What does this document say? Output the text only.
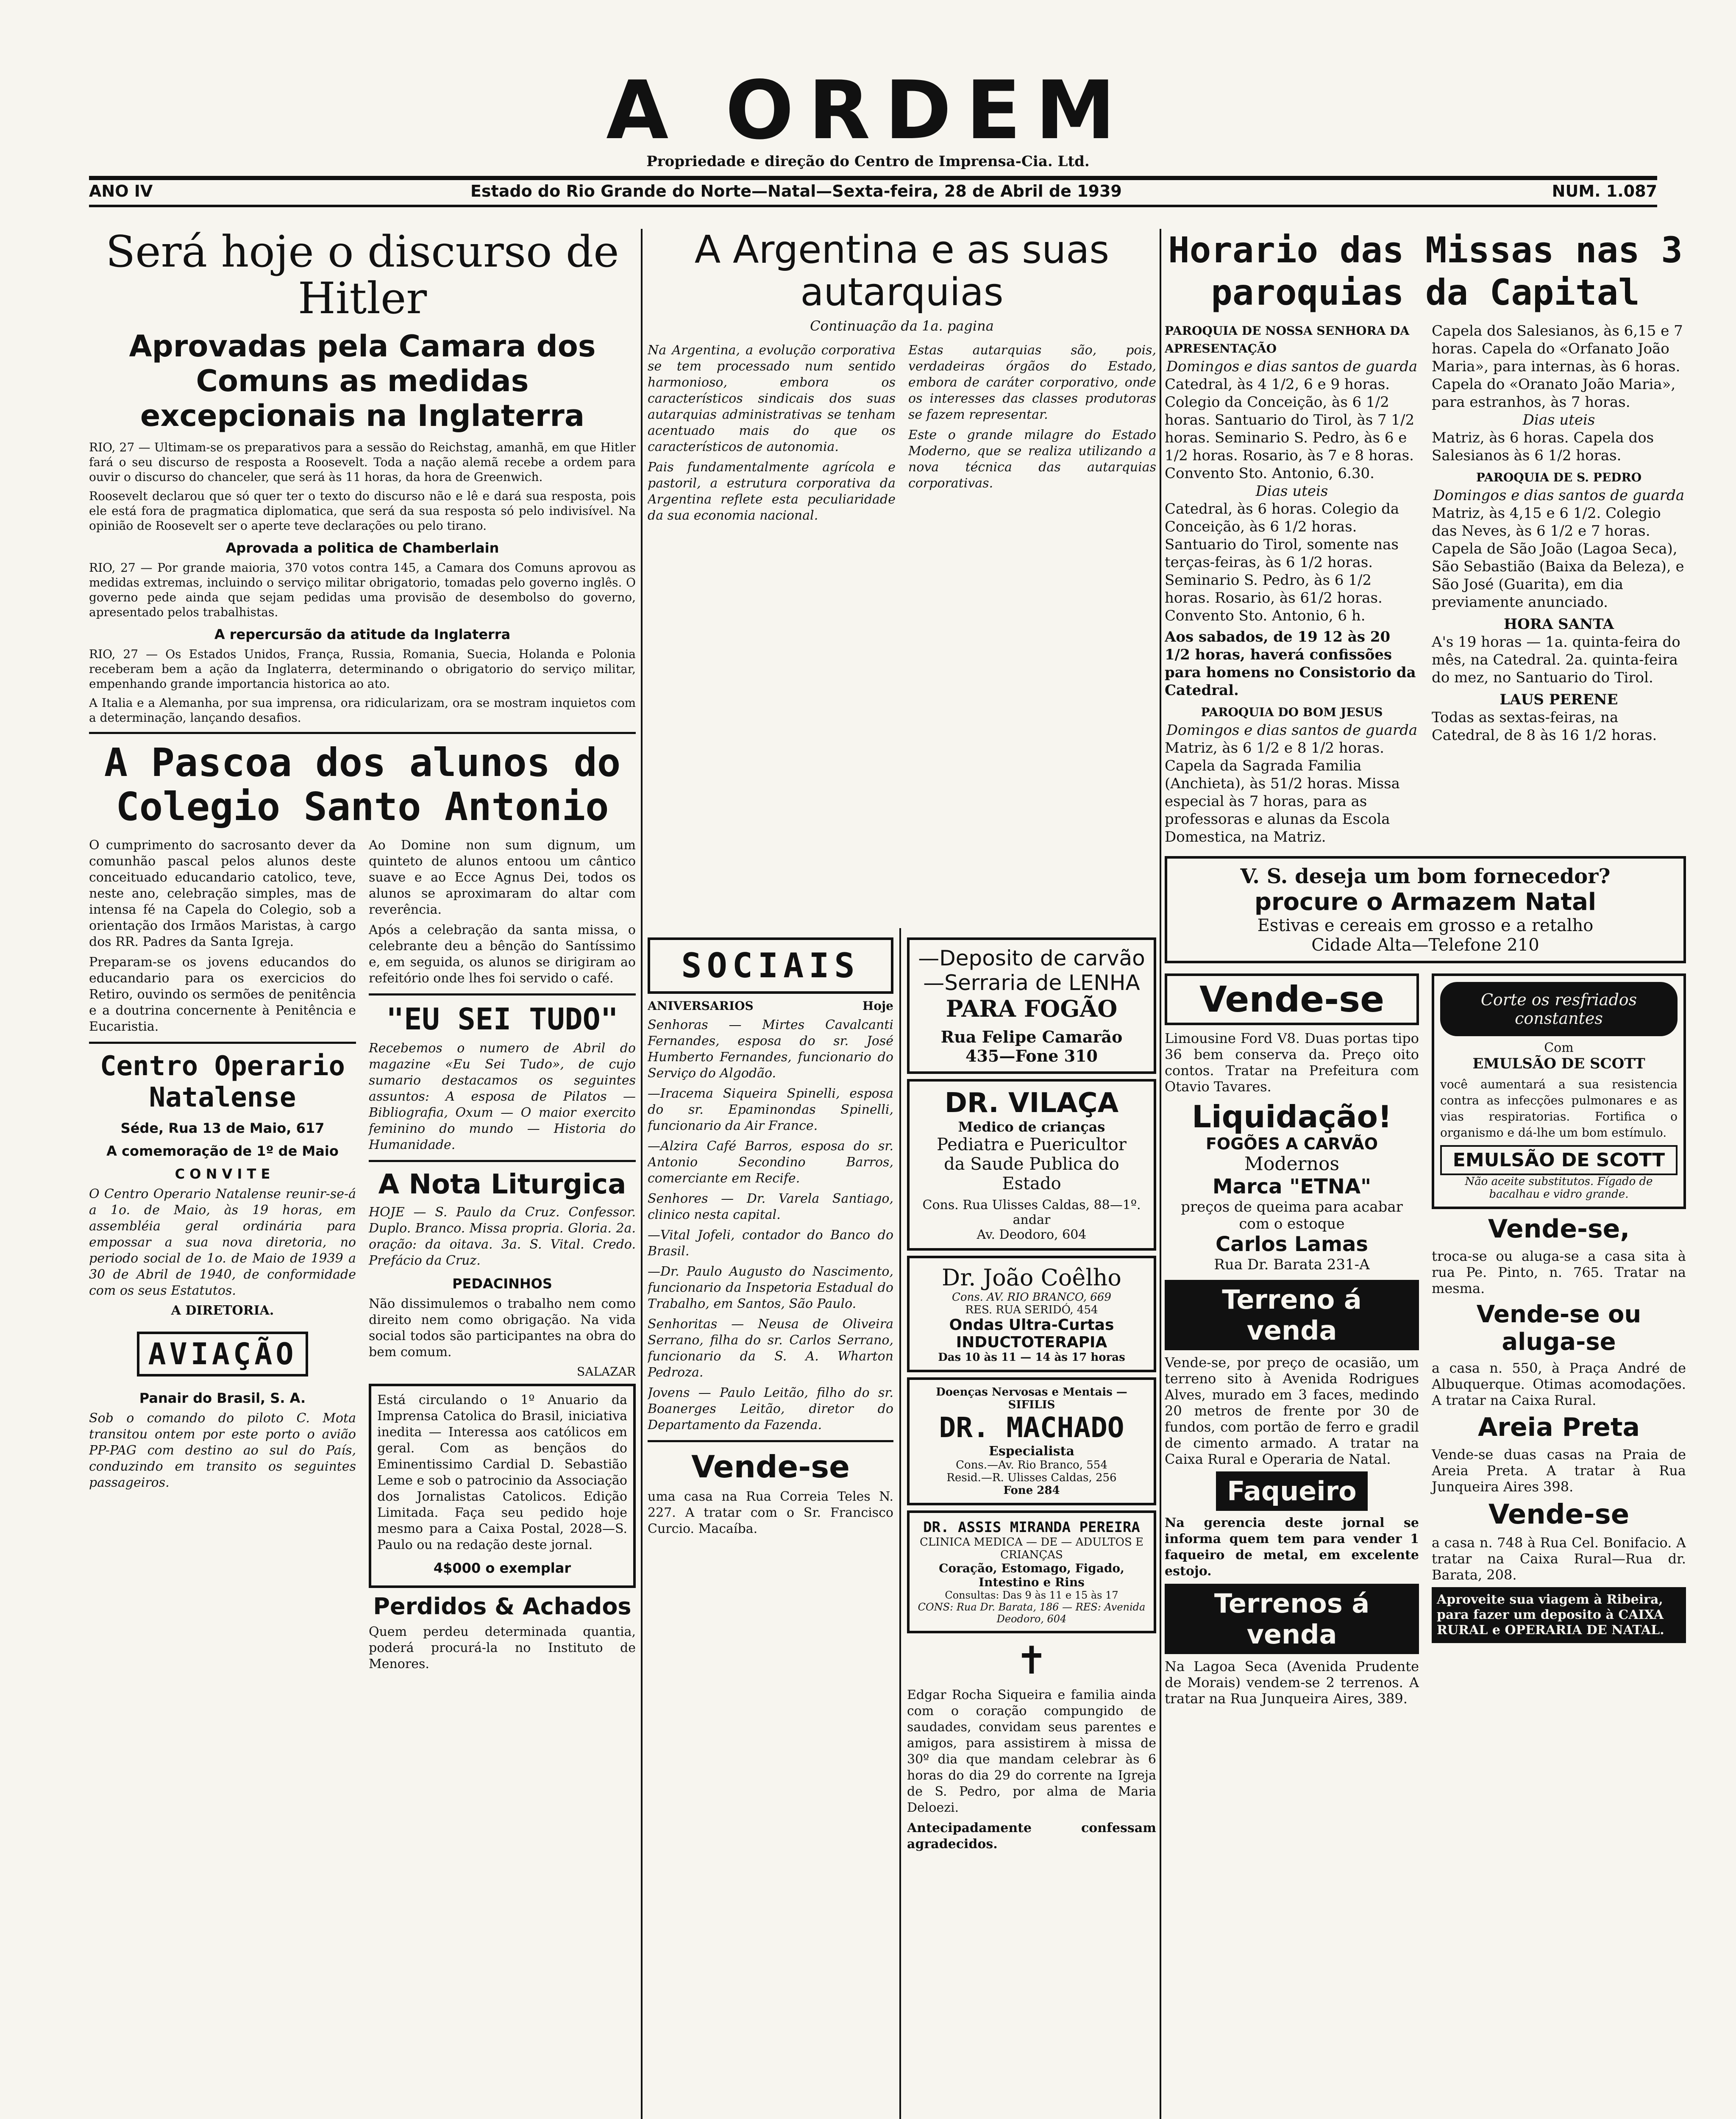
A ORDEM
Propriedade e direção do Centro de Imprensa-Cia. Ltd.
ANO IV	Estado do Rio Grande do Norte—Natal—Sexta-feira, 28 de Abril de 1939	NUM. 1.087
Será hoje o discurso de Hitler
Aprovadas pela Camara dos Comuns as medidas excepcionais na Inglaterra

RIO, 27 — Ultimam-se os preparativos para a sessão do Reichstag, amanhã, em que Hitler fará o seu discurso de resposta a Roosevelt. Toda a nação alemã recebe a ordem para ouvir o discurso do chanceler, que será às 11 horas, da hora de Greenwich.

Roosevelt declarou que só quer ter o texto do discurso não e lê e dará sua resposta, pois ele está fora de pragmatica diplomatica, que será da sua resposta só pelo indivisível. Na opinião de Roosevelt ser o aperte teve declarações ou pelo tirano.

Aprovada a politica de Chamberlain

RIO, 27 — Por grande maioria, 370 votos contra 145, a Camara dos Comuns aprovou as medidas extremas, incluindo o serviço militar obrigatorio, tomadas pelo governo inglês. O governo pede ainda que sejam pedidas uma provisão de desembolso do governo, apresentado pelos trabalhistas.

A repercursão da atitude da Inglaterra

RIO, 27 — Os Estados Unidos, França, Russia, Romania, Suecia, Holanda e Polonia receberam bem a ação da Inglaterra, determinando o obrigatorio do serviço militar, empenhando grande importancia historica ao ato.

A Italia e a Alemanha, por sua imprensa, ora ridicularizam, ora se mostram inquietos com a determinação, lançando desafios.

A Pascoa dos alunos do Colegio Santo Antonio

O cumprimento do sacrosanto dever da comunhão pascal pelos alunos deste conceituado educandario catolico, teve, neste ano, celebração simples, mas de intensa fé na Capela do Colegio, sob a orientação dos Irmãos Maristas, à cargo dos RR. Padres da Santa Igreja.

Preparam-se os jovens educandos do educandario para os exercicios do Retiro, ouvindo os sermões de penitência e a doutrina concernente à Penitência e Eucaristia.

Centro Operario Natalense
Séde, Rua 13 de Maio, 617
A comemoração de 1º de Maio
C O N V I T E

O Centro Operario Natalense reunir-se-á a 1o. de Maio, às 19 horas, em assembléia geral ordinária para empossar a sua nova diretoria, no periodo social de 1o. de Maio de 1939 a 30 de Abril de 1940, de conformidade com os seus Estatutos.

A DIRETORIA.
AVIAÇÃO
Panair do Brasil, S. A.

Sob o comando do piloto C. Mota transitou ontem por este porto o avião PP-PAG com destino ao sul do País, conduzindo em transito os seguintes passageiros.

Ao Domine non sum dignum, um quinteto de alunos entoou um cântico suave e ao Ecce Agnus Dei, todos os alunos se aproximaram do altar com reverência.

Após a celebração da santa missa, o celebrante deu a bênção do Santíssimo e, em seguida, os alunos se dirigiram ao refeitório onde lhes foi servido o café.

"EU SEI TUDO"

Recebemos o numero de Abril do magazine «Eu Sei Tudo», de cujo sumario destacamos os seguintes assuntos: A esposa de Pilatos — Bibliografia, Oxum — O maior exercito feminino do mundo — Historia do Humanidade.

A Nota Liturgica

HOJE — S. Paulo da Cruz. Confessor. Duplo. Branco. Missa propria. Gloria. 2a. oração: da oitava. 3a. S. Vital. Credo. Prefácio da Cruz.

PEDACINHOS

Não dissimulemos o trabalho nem como direito nem como obrigação. Na vida social todos são participantes na obra do bem comum.

SALAZAR

Está circulando o 1º Anuario da Imprensa Catolica do Brasil, iniciativa inedita — Interessa aos católicos em geral. Com as bençãos do Eminentissimo Cardial D. Sebastião Leme e sob o patrocinio da Associação dos Jornalistas Catolicos. Edição Limitada. Faça seu pedido hoje mesmo para a Caixa Postal, 2028—S. Paulo ou na redação deste jornal.

4$000 o exemplar
Perdidos & Achados

Quem perdeu determinada quantia, poderá procurá-la no Instituto de Menores.

A Argentina e as suas autarquias
Continuação da 1a. pagina

Na Argentina, a evolução corporativa se tem processado num sentido harmonioso, embora os característicos sindicais dos suas autarquias administrativas se tenham acentuado mais do que os característicos de autonomia.

Pais fundamentalmente agrícola e pastoril, a estrutura corporativa da Argentina reflete esta peculiaridade da sua economia nacional.

Estas autarquias são, pois, verdadeiras órgãos do Estado, embora de caráter corporativo, onde os interesses das classes produtoras se fazem representar.

Este o grande milagre do Estado Moderno, que se realiza utilizando a nova técnica das autarquias corporativas.

SOCIAIS
ANIVERSARIOS	Hoje

Senhoras — Mirtes Cavalcanti Fernandes, esposa do sr. José Humberto Fernandes, funcionario do Serviço do Algodão.

—Iracema Siqueira Spinelli, esposa do sr. Epaminondas Spinelli, funcionario da Air France.

—Alzira Café Barros, esposa do sr. Antonio Secondino Barros, comerciante em Recife.

Senhores — Dr. Varela Santiago, clinico nesta capital.

—Vital Jofeli, contador do Banco do Brasil.

—Dr. Paulo Augusto do Nascimento, funcionario da Inspetoria Estadual do Trabalho, em Santos, São Paulo.

Senhoritas — Neusa de Oliveira Serrano, filha do sr. Carlos Serrano, funcionario da S. A. Wharton Pedroza.

Jovens — Paulo Leitão, filho do sr. Boanerges Leitão, diretor do Departamento da Fazenda.

Vende-se

uma casa na Rua Correia Teles N. 227. A tratar com o Sr. Francisco Curcio. Macaíba.

—Deposito de carvão
—Serraria de LENHA
PARA FOGÃO
Rua Felipe Camarão
435—Fone 310
DR. VILAÇA
Medico de crianças
Pediatra e Puericultor
da Saude Publica do Estado
Cons. Rua Ulisses Caldas, 88—1º. andar
Av. Deodoro, 604
Dr. João Coêlho
Cons. AV. RIO BRANCO, 669
RES. RUA SERIDÓ, 454
Ondas Ultra-Curtas
INDUCTOTERAPIA
Das 10 às 11 — 14 às 17 horas
Doenças Nervosas e Mentais — SIFILIS
DR. MACHADO
Especialista
Cons.—Av. Rio Branco, 554
Resid.—R. Ulisses Caldas, 256
Fone 284
DR. ASSIS MIRANDA PEREIRA
CLINICA MEDICA — DE — ADULTOS E CRIANÇAS
Coração, Estomago, Figado, Intestino e Rins
Consultas: Das 9 às 11 e 15 às 17
CONS: Rua Dr. Barata, 186 — RES: Avenida Deodoro, 604
✝

Edgar Rocha Siqueira e familia ainda com o coração compungido de saudades, convidam seus parentes e amigos, para assistirem à missa de 30º dia que mandam celebrar às 6 horas do dia 29 do corrente na Igreja de S. Pedro, por alma de Maria Deloezi.

Antecipadamente confessam agradecidos.

Horario das Missas nas 3 paroquias da Capital
PAROQUIA DE NOSSA SENHORA DA APRESENTAÇÃO
Domingos e dias santos de guarda
Catedral, às 4 1/2, 6 e 9 horas. Colegio da Conceição, às 6 1/2 horas. Santuario do Tirol, às 7 1/2 horas. Seminario S. Pedro, às 6 e 1/2 horas. Rosario, às 7 e 8 horas. Convento Sto. Antonio, 6.30.
Dias uteis
Catedral, às 6 horas. Colegio da Conceição, às 6 1/2 horas. Santuario do Tirol, somente nas terças-feiras, às 6 1/2 horas. Seminario S. Pedro, às 6 1/2 horas. Rosario, às 61/2 horas. Convento Sto. Antonio, 6 h.
Aos sabados, de 19 12 às 20 1/2 horas, haverá confissões para homens no Consistorio da Catedral.
PAROQUIA DO BOM JESUS
Domingos e dias santos de guarda
Matriz, às 6 1/2 e 8 1/2 horas. Capela da Sagrada Familia (Anchieta), às 51/2 horas. Missa especial às 7 horas, para as professoras e alunas da Escola Domestica, na Matriz.
Capela dos Salesianos, às 6,15 e 7 horas. Capela do «Orfanato João Maria», para internas, às 6 horas. Capela do «Oranato João Maria», para estranhos, às 7 horas.
Dias uteis
Matriz, às 6 horas. Capela dos Salesianos às 6 1/2 horas.
PAROQUIA DE S. PEDRO
Domingos e dias santos de guarda
Matriz, às 4,15 e 6 1/2. Colegio das Neves, às 6 1/2 e 7 horas. Capela de São João (Lagoa Seca), São Sebastião (Baixa da Beleza), e São José (Guarita), em dia previamente anunciado.
HORA SANTA
A's 19 horas — 1a. quinta-feira do mês, na Catedral. 2a. quinta-feira do mez, no Santuario do Tirol.
LAUS PERENE
Todas as sextas-feiras, na Catedral, de 8 às 16 1/2 horas.
V. S. deseja um bom fornecedor?
procure o Armazem Natal
Estivas e cereais em grosso e a retalho
Cidade Alta—Telefone 210
Vende-se

Limousine Ford V8. Duas portas tipo 36 bem conserva da. Preço oito contos. Tratar na Prefeitura com Otavio Tavares.

Liquidação!
FOGÕES A CARVÃO
Modernos
Marca "ETNA"
preços de queima para acabar com o estoque
Carlos Lamas
Rua Dr. Barata 231-A
Terreno á venda

Vende-se, por preço de ocasião, um terreno sito à Avenida Rodrigues Alves, murado em 3 faces, medindo 20 metros de frente por 30 de fundos, com portão de ferro e gradil de cimento armado. A tratar na Caixa Rural e Operaria de Natal.

Faqueiro

Na gerencia deste jornal se informa quem tem para vender 1 faqueiro de metal, em excelente estojo.

Terrenos á venda

Na Lagoa Seca (Avenida Prudente de Morais) vendem-se 2 terrenos. A tratar na Rua Junqueira Aires, 389.

Corte os resfriados constantes
Com
EMULSÃO DE SCOTT

você aumentará a sua resistencia contra as infecções pulmonares e as vias respiratorias. Fortifica o organismo e dá-lhe um bom estímulo.

EMULSÃO DE SCOTT
Não aceite substitutos. Fígado de bacalhau e vidro grande.
Vende-se,

troca-se ou aluga-se a casa sita à rua Pe. Pinto, n. 765. Tratar na mesma.

Vende-se ou aluga-se

a casa n. 550, à Praça André de Albuquerque. Otimas acomodações. A tratar na Caixa Rural.

Areia Preta

Vende-se duas casas na Praia de Areia Preta. A tratar à Rua Junqueira Aires 398.

Vende-se

a casa n. 748 à Rua Cel. Bonifacio. A tratar na Caixa Rural—Rua dr. Barata, 208.

Aproveite sua viagem à Ribeira, para fazer um deposito à CAIXA RURAL e OPERARIA DE NATAL.
